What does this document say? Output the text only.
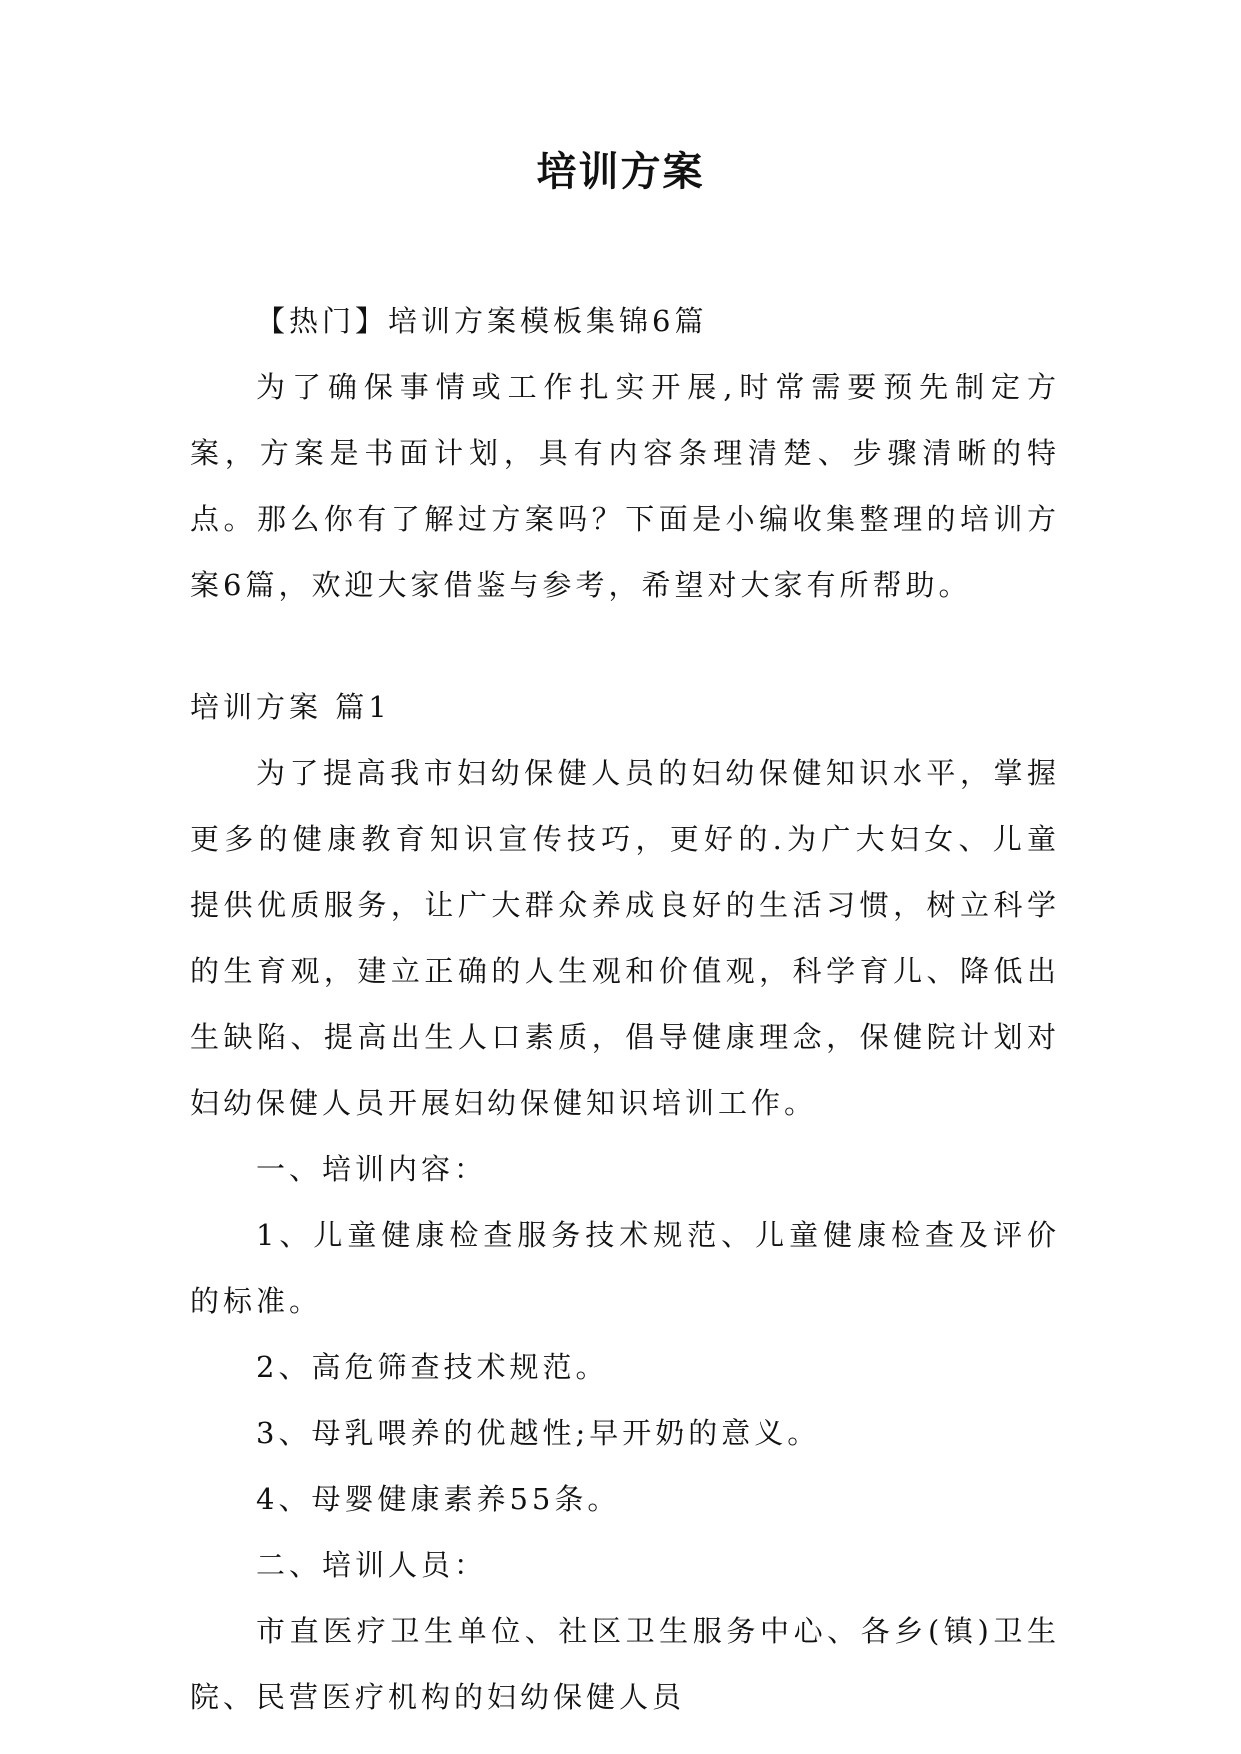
培训方案

【热门】培训方案模板集锦6篇

为了确保事情或工作扎实开展,时常需要预先制定方案，方案是书面计划，具有内容条理清楚、步骤清晰的特点。那么你有了解过方案吗？下面是小编收集整理的培训方案6篇，欢迎大家借鉴与参考，希望对大家有所帮助。

培训方案 篇1

为了提高我市妇幼保健人员的妇幼保健知识水平，掌握更多的健康教育知识宣传技巧，更好的.为广大妇女、儿童提供优质服务，让广大群众养成良好的生活习惯，树立科学的生育观，建立正确的人生观和价值观，科学育儿、降低出生缺陷、提高出生人口素质，倡导健康理念，保健院计划对妇幼保健人员开展妇幼保健知识培训工作。

一、培训内容：

1、儿童健康检查服务技术规范、儿童健康检查及评价的标准。

2、高危筛查技术规范。

3、母乳喂养的优越性;早开奶的意义。

4、母婴健康素养55条。

二、培训人员：

市直医疗卫生单位、社区卫生服务中心、各乡(镇)卫生院、民营医疗机构的妇幼保健人员
